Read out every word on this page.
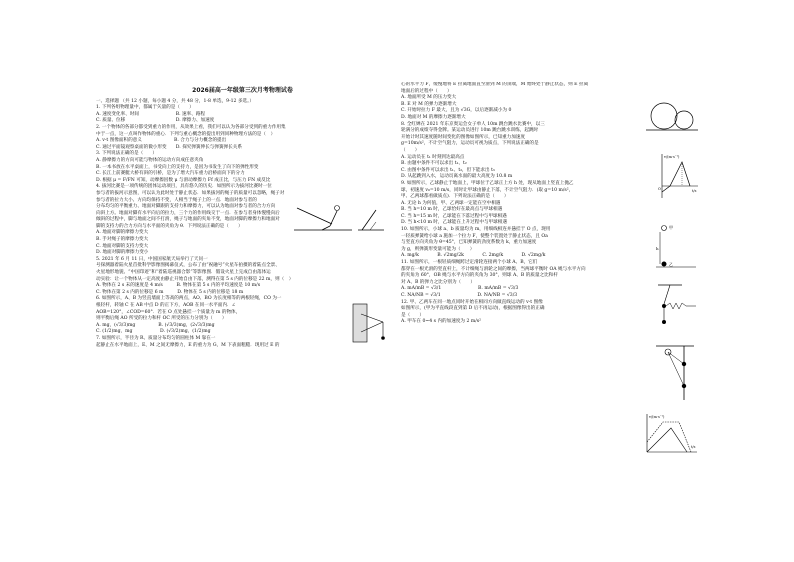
2026届高一年级第三次月考物理试卷
一、选择题 （共 12 小题，每小题 4 分，共 48 分，1-8 单选，9-12 多选。）
1. 下列各组物理量中，都属于矢量的是（　　）
A. 速度变化率、时间　　　　　　　　B. 速率、路程
C. 质量、位移　　　　　　　　　　　D. 摩擦力、加速度
2. 一个物体的各部分都受到重力的作用，从效果上看，我们可以认为各部分受到的重力作用集
中于一点，这一点叫作物体的重心．下列与重心概念的提出用到同种物理方法的是（　）
A. v-t 图像面积的意义　　　　　　　B. 合力与分力概念的提出
C. 通过平面镜观察桌面的微小形变　　D. 探究弹簧伸长与弹簧弹长关系
3. 下列说法正确的是（　　）
A. 静摩擦力的方向可能与物体的运动方向成任意夹角
B. 一本书放在水平桌面上，书受向上的支持力，是因为书发生了向下的弹性形变
C. 长江上前赛艇大桥有斜的引桥，是为了增大汽车重力沿桥面向下的分力
D. 根据 μ = F/FN 可知，动摩擦因数 μ 与滑动摩擦力 Ff 成正比，与压力 FN 成反比
4. 拔河比赛是一项传统的团体运动项目，具有悠久的历史．如图所示为拔河比赛时一位
参与者的拔河示意图，可以认为此时处于静止状态．如果拔河的绳子的质量可以忽略，绳子对
参与者的拉力大小、方向均保持不变，人相当于绳子上的一点．地面对参与者的
分布均匀的平衡重力、地面对脚跟的支持力和摩擦力，可以认为地面对参与者的合力方向
向斜上方。地面对脚有水平向后的拉力，三个力的作用线交于一点．在参与者身体慢慢向后
倾斜的过程中，脚与地面之间不打滑，绳子与地面的夹角不变，地面对脚的摩擦力和地面对
脚的支持力的合力方向与水平面的夹角为 θ．下列说法正确的是（　　）
A. 地面对脚的摩擦力变大
B. 手对绳子的摩擦力变大
C. 地面对脚的支持力变大
D. 地面对脚的摩擦力变小
5. 2021 年 6 月 11 日，中国国家航天局举行了天问一
号探测器着陆火星首批科学影像图揭幕仪式，公布了由“祝融号”火星车拍摄的着陆点全景、
火星地形地貌、“中国印迹”和“着陆巡视器合影”等影像图．假设火星上完成自由落体运
动实验：让一个物体从一定高度由静止开始自由下落，测得在第 5 s 内的位移是 22 m，则（　）
A. 物体在 2 s 末的速度是 4 m/s　　　B. 物体在第 5 s 内的平均速度是 10 m/s
C. 物体在第 2 s 内的位移是 6 m　　　D. 物体在 5 s 内的位移是 18 m
6. 如图所示，A、B 为竖直墙面上等高的两点，AO、BO 为长度相等的两根轻绳，CO 为一
根轻杆，转轴 C 在 AB 中点 D 的正下方，AOB 在同一水平面内．∠
AOB=120°，∠COD=60°．若在 O 点处悬挂一个质量为 m 的物体，
则平衡后绳 AO 所受的拉力和杆 OC 所受的压力分别为（　　）
A. mg，(√3/3)mg　　　　　B. (√3/3)mg，(2√3/3)mg
C. (1/2)mg，mg　　　　　　D. (√3/2)mg，(1/2)mg
7. 如图所示，半径为 R、质量分布均匀的圆柱体 M 靠在一
起静止在水平地面上，E、M 之间无摩擦力，E 的重力为 G，M 下表面粗糙．现用过 E 的
心的水平力 F，缓慢地将 E 拉离地面直至滑到 M 的顶端，M 始终处于静止状态，则 E 拉离
地面后的过程中（　　）
A. 地面所受 M 的压力变大
B. E 对 M 的弹力逐渐增大
C. 开始时拉力 F 最大，且为 √3G，以后逐渐减小为 0
D. 地面对 M 的摩擦力逐渐增大
8. 全红婵在 2021 年东京奥运会女子单人 10m 跳台跳水比赛中，以三
轮满分的成绩夺得金牌。某运动员进行 10m 跳台跳水训练，起跳时
开始计时其速度随时间变化的图像如图所示，已知重力加速度
g=10m/s²，不计空气阻力，运动员可视为质点，下列说法正确的是
（　　）
A. 运动员在 t₁ 时刻到达最高点
B. 由题中条件不可以求出 t₁、t₂
C. 由图中条件可以求出 t₁、t₂，但下能求出 t₃
D. 从起跳到入水，运动员离水面的最大高度为 10.8 m
9. 如图所示，乙球静止于地面上，甲球位于乙球正上方 h 处，现从地面上竖直上抛乙
球，初速度 v₀=10 m/s，同时让甲球由静止下落，不计空气阻力．(取 g=10 m/s²，
甲、乙两球都看做质点)．下列说法正确的是（　　）
A. 无论 h 为何值，甲、乙两球一定能在空中相遇
B. 当 h=10 m 时，乙球恰好在最高点与甲球相遇
C. 当 h=15 m 时，乙球能在下落过程中与甲球相遇
D. 当 h<10 m 时，乙球能在上升过程中与甲球相遇
10. 如图所示，小球 a、b 质量均为 m，用细线相连并悬挂于 O 点，现用
一轻质弹簧给小球 a 施加一个拉力 F，使整个装置处于静止状态，且 Oa
与竖直方向夹角为 θ=45°，已知弹簧的劲度系数为 k，重力加速度
为 g，则弹簧形变量可能为（　　）
A. mg/k　　　　B. √2mg/2k　　　　C. 2mg/k　　　　D. √2mg/k
11. 如图所示，一根轻质细绳跨过定滑轮连接两个小球 A、B，它们
都穿在一根光滑的竖直杆上，不计细绳与滑轮之间的摩擦，当两球平衡时 OA 绳与水平方向
的夹角为 60°，OB 绳与水平方向的夹角为 30°，则球 A、B 的质量之比和杆
对 A、B 的弹力之比分别为（　　）
A. mA/mB = √3/1　　　　　　　　B. mA/mB = √3/3
C. NA/NB = √3/1　　　　　　　　D. NA/NB = √3/3
12. 甲、乙两车在同一地点同时开始在相同方向做直线运动的 v-t 图像
如图所示，(甲为平直线段直到第 D 后不再运动)，根据图像得出的正确
是（　　）
A. 甲车在 0~4 s 内的加速度为 2 m/s²
v/(m·s⁻¹)
t/s
O
甲
h
乙
v/(m·s⁻¹)
t/s
